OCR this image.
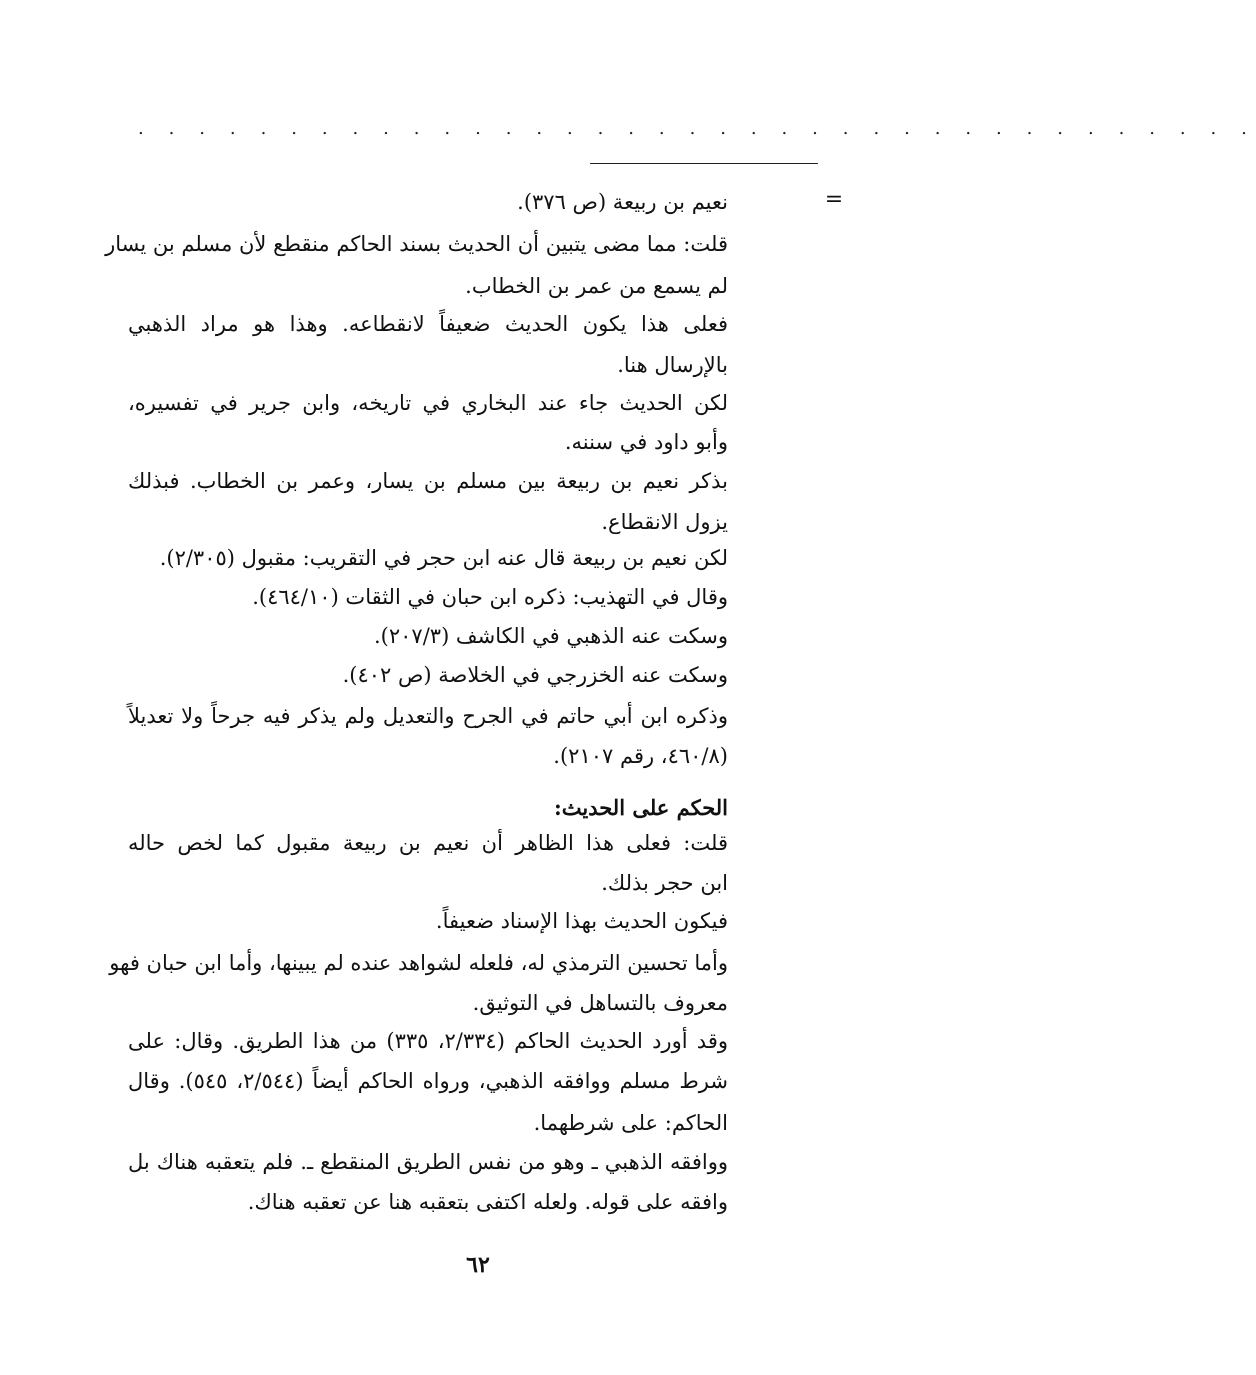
. . . . . . . . . . . . . . . . . . . . . . . . . . . . . . . . . . . . .
=
نعيم بن ربيعة (ص ٣٧٦).
قلت: مما مضى يتبين أن الحديث بسند الحاكم منقطع لأن مسلم بن يسار
لم يسمع من عمر بن الخطاب.
فعلى هذا يكون الحديث ضعيفاً لانقطاعه. وهذا هو مراد الذهبي
بالإرسال هنا.
لكن الحديث جاء عند البخاري في تاريخه، وابن جرير في تفسيره،
وأبو داود في سننه.
بذكر نعيم بن ربيعة بين مسلم بن يسار، وعمر بن الخطاب. فبذلك
يزول الانقطاع.
لكن نعيم بن ربيعة قال عنه ابن حجر في التقريب: مقبول (٢/٣٠٥).
وقال في التهذيب: ذكره ابن حبان في الثقات (٤٦٤/١٠).
وسكت عنه الذهبي في الكاشف (٢٠٧/٣).
وسكت عنه الخزرجي في الخلاصة (ص ٤٠٢).
وذكره ابن أبي حاتم في الجرح والتعديل ولم يذكر فيه جرحاً ولا تعديلاً
(٤٦٠/٨، رقم ٢١٠٧).
الحكم على الحديث:
قلت: فعلى هذا الظاهر أن نعيم بن ربيعة مقبول كما لخص حاله
ابن حجر بذلك.
فيكون الحديث بهذا الإسناد ضعيفاً.
وأما تحسين الترمذي له، فلعله لشواهد عنده لم يبينها، وأما ابن حبان فهو
معروف بالتساهل في التوثيق.
وقد أورد الحديث الحاكم (٢/٣٣٤، ٣٣٥) من هذا الطريق. وقال: على
شرط مسلم ووافقه الذهبي، ورواه الحاكم أيضاً (٢/٥٤٤، ٥٤٥). وقال
الحاكم: على شرطهما.
ووافقه الذهبي ـ وهو من نفس الطريق المنقطع ـ. فلم يتعقبه هناك بل
وافقه على قوله. ولعله اكتفى بتعقبه هنا عن تعقبه هناك.
٦٢
